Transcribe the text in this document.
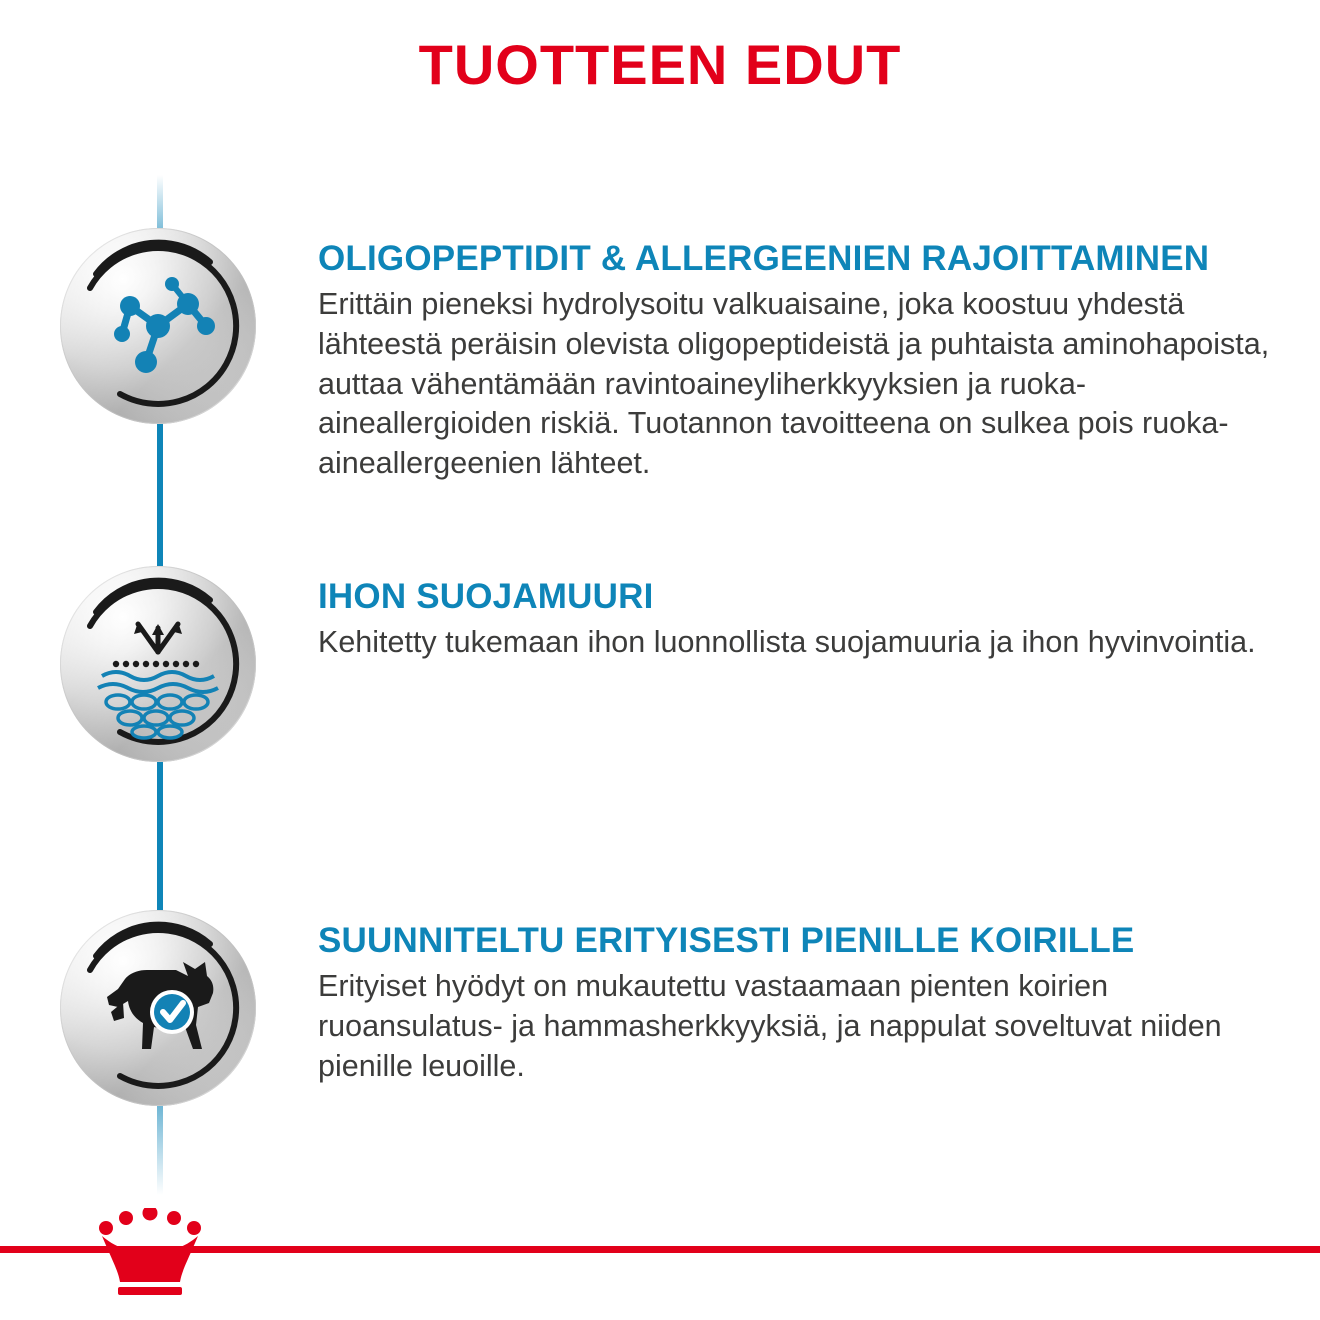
TUOTTEEN EDUT

OLIGOPEPTIDIT & ALLERGEENIEN RAJOITTAMINEN

Erittäin pieneksi hydrolysoitu valkuaisaine, joka koostuu yhdestä lähteestä peräisin olevista oligopeptideistä ja puhtaista aminohapoista, auttaa vähentämään ravintoaineyliherkkyyksien ja ruoka-aineallergioiden riskiä. Tuotannon tavoitteena on sulkea pois ruoka-aineallergeenien lähteet.

IHON SUOJAMUURI

Kehitetty tukemaan ihon luonnollista suojamuuria ja ihon hyvinvointia.

SUUNNITELTU ERITYISESTI PIENILLE KOIRILLE

Erityiset hyödyt on mukautettu vastaamaan pienten koirien ruoansulatus- ja hammasherkkyyksiä, ja nappulat soveltuvat niiden pienille leuoille.
